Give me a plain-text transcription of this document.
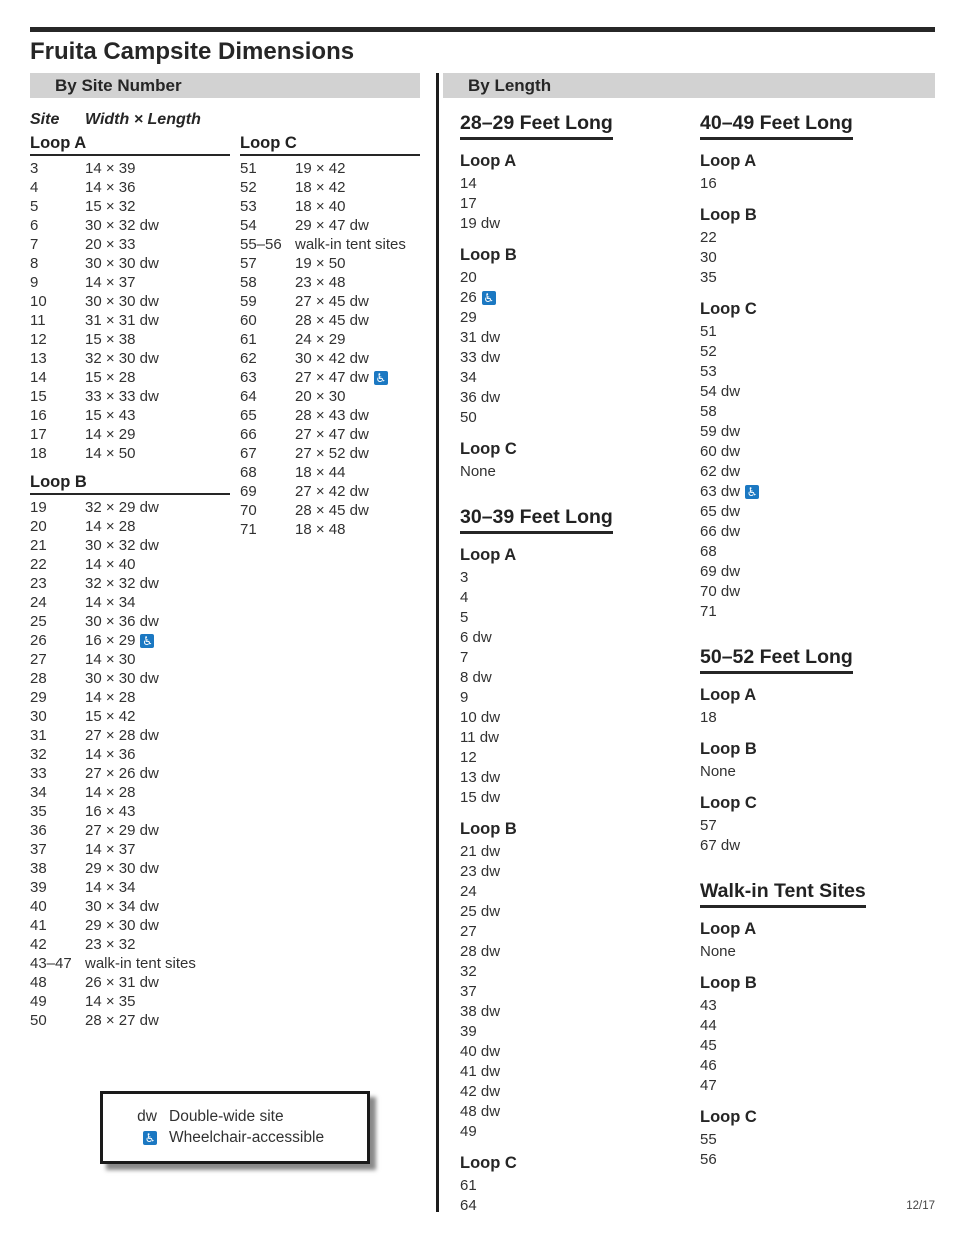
Fruita Campsite Dimensions
By Site Number
Site	Width × Length
Loop A
3	14 × 39
4	14 × 36
5	15 × 32
6	30 × 32 dw
7	20 × 33
8	30 × 30 dw
9	14 × 37
10	30 × 30 dw
11	31 × 31 dw
12	15 × 38
13	32 × 30 dw
14	15 × 28
15	33 × 33 dw
16	15 × 43
17	14 × 29
18	14 × 50
Loop B
19	32 × 29 dw
20	14 × 28
21	30 × 32 dw
22	14 × 40
23	32 × 32 dw
24	14 × 34
25	30 × 36 dw
26	16 × 29 ♿
27	14 × 30
28	30 × 30 dw
29	14 × 28
30	15 × 42
31	27 × 28 dw
32	14 × 36
33	27 × 26 dw
34	14 × 28
35	16 × 43
36	27 × 29 dw
37	14 × 37
38	29 × 30 dw
39	14 × 34
40	30 × 34 dw
41	29 × 30 dw
42	23 × 32
43–47 walk-in tent sites
48	26 × 31 dw
49	14 × 35
50	28 × 27 dw
Loop C
51	19 × 42
52	18 × 42
53	18 × 40
54	29 × 47 dw
55–56 walk-in tent sites
57	19 × 50
58	23 × 48
59	27 × 45 dw
60	28 × 45 dw
61	24 × 29
62	30 × 42 dw
63	27 × 47 dw ♿
64	20 × 30
65	28 × 43 dw
66	27 × 47 dw
67	27 × 52 dw
68	18 × 44
69	27 × 42 dw
70	28 × 45 dw
71	18 × 48
By Length
28–29 Feet Long
Loop A
14
17
19 dw
Loop B
20
26 ♿
29
31 dw
33 dw
34
36 dw
50
Loop C
None
30–39 Feet Long
Loop A
3
4
5
6 dw
7
8 dw
9
10 dw
11 dw
12
13 dw
15 dw
Loop B
21 dw
23 dw
24
25 dw
27
28 dw
32
37
38 dw
39
40 dw
41 dw
42 dw
48 dw
49
Loop C
61
64
40–49 Feet Long
Loop A
16
Loop B
22
30
35
Loop C
51
52
53
54 dw
58
59 dw
60 dw
62 dw
63 dw ♿
65 dw
66 dw
68
69 dw
70 dw
71
50–52 Feet Long
Loop A
18
Loop B
None
Loop C
57
67 dw
Walk-in Tent Sites
Loop A
None
Loop B
43
44
45
46
47
Loop C
55
56
dw Double-wide site
♿ Wheelchair-accessible
12/17
